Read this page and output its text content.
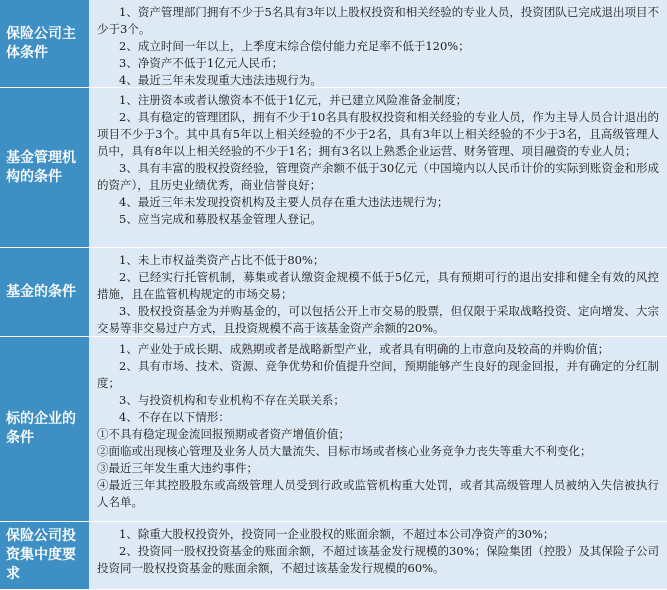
保险公司主体条件

1、资产管理部门拥有不少于5名具有3年以上股权投资和相关经验的专业人员，投资团队已完成退出项目不少于3个。

2、成立时间一年以上，上季度末综合偿付能力充足率不低于120%；

3、净资产不低于1亿元人民币；

4、最近三年未发现重大违法违规行为。

基金管理机构的条件

1、注册资本或者认缴资本不低于1亿元，并已建立风险准备金制度；

2、具有稳定的管理团队，拥有不少于10名具有股权投资和相关经验的专业人员，作为主导人员合计退出的项目不少于3个。其中具有5年以上相关经验的不少于2名，具有3年以上相关经验的不少于3名，且高级管理人员中，具有8年以上相关经验的不少于1名；拥有3名以上熟悉企业运营、财务管理、项目融资的专业人员；

3、具有丰富的股权投资经验，管理资产余额不低于30亿元（中国境内以人民币计价的实际到账资金和形成的资产），且历史业绩优秀，商业信誉良好；

4、最近三年未发现投资机构及主要人员存在重大违法违规行为；

5、应当完成和募股权基金管理人登记。

基金的条件

1、未上市权益类资产占比不低于80%；

2、已经实行托管机制，募集或者认缴资金规模不低于5亿元，具有预期可行的退出安排和健全有效的风控措施，且在监管机构规定的市场交易；

3、股权投资基金为并购基金的，可以包括公开上市交易的股票，但仅限于采取战略投资、定向增发、大宗交易等非交易过户方式，且投资规模不高于该基金资产余额的20%。

标的企业的条件

1、产业处于成长期、成熟期或者是战略新型产业，或者具有明确的上市意向及较高的并购价值；

2、具有市场、技术、资源、竞争优势和价值提升空间，预期能够产生良好的现金回报，并有确定的分红制度；

3、与投资机构和专业机构不存在关联关系；

4、不存在以下情形：

①不具有稳定现金流回报预期或者资产增值价值；

②面临或出现核心管理及业务人员大量流失、目标市场或者核心业务竞争力丧失等重大不利变化；

③最近三年发生重大违约事件；

④最近三年其控股股东或高级管理人员受到行政或监管机构重大处罚，或者其高级管理人员被纳入失信被执行人名单。

保险公司投资集中度要求

1、除重大股权投资外，投资同一企业股权的账面余额，不超过本公司净资产的30%；

2、投资同一股权投资基金的账面余额，不超过该基金发行规模的30%；保险集团（控股）及其保险子公司投资同一股权投资基金的账面余额，不超过该基金发行规模的60%。
